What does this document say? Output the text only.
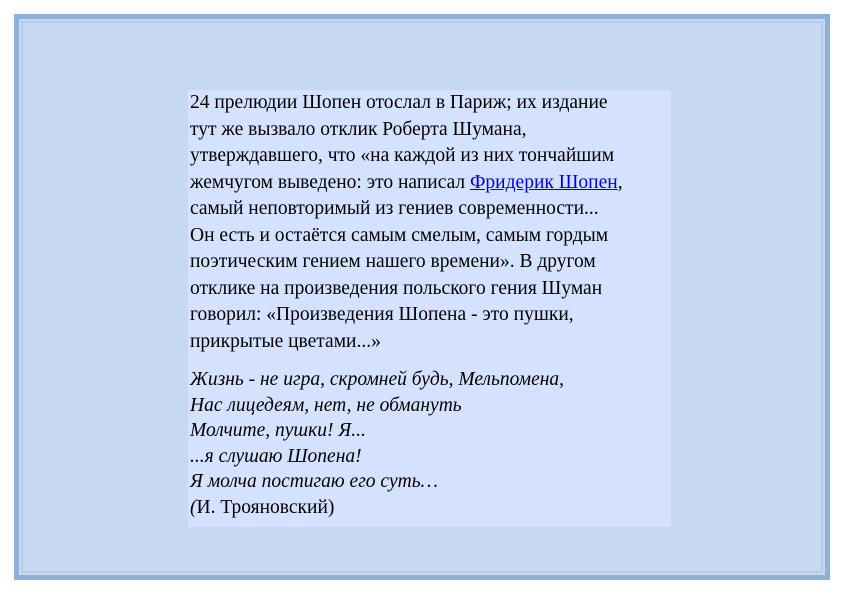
24 прелюдии Шопен отослал в Париж; их издание
тут же вызвало отклик Роберта Шумана,
утверждавшего, что «на каждой из них тончайшим
жемчугом выведено: это написал Фридерик Шопен,
самый неповторимый из гениев современности...
Он есть и остаётся самым смелым, самым гордым
поэтическим гением нашего времени». В другом
отклике на произведения польского гения Шуман
говорил: «Произведения Шопена - это пушки,
прикрытые цветами...»
Жизнь - не игра, скромней будь, Мельпомена,
Нас лицедеям, нет, не обмануть
Молчите, пушки! Я...
...я слушаю Шопена!
Я молча постигаю его суть…
(И. Трояновский)
